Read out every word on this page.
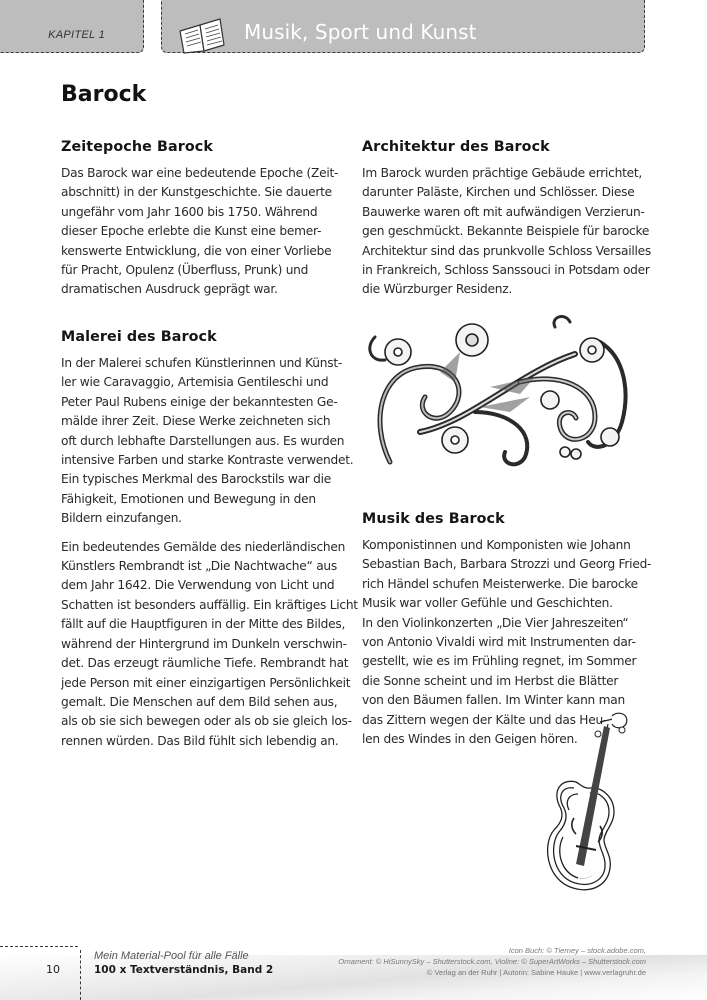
KAPITEL 1	Musik, Sport und Kunst
Barock
Zeitepoche Barock

Das Barock war eine bedeutende Epoche (Zeit-
abschnitt) in der Kunstgeschichte. Sie dauerte
ungefähr vom Jahr 1600 bis 1750. Während
dieser Epoche erlebte die Kunst eine bemer-
kenswerte Entwicklung, die von einer Vorliebe
für Pracht, Opulenz (Überfluss, Prunk) und
dramatischen Ausdruck geprägt war.

Architektur des Barock

Im Barock wurden prächtige Gebäude errichtet,
darunter Paläste, Kirchen und Schlösser. Diese
Bauwerke waren oft mit aufwändigen Verzierun-
gen geschmückt. Bekannte Beispiele für barocke
Architektur sind das prunkvolle Schloss Versailles
in Frankreich, Schloss Sanssouci in Potsdam oder
die Würzburger Residenz.

Malerei des Barock

In der Malerei schufen Künstlerinnen und Künst-
ler wie Caravaggio, Artemisia Gentileschi und
Peter Paul Rubens einige der bekanntesten Ge-
mälde ihrer Zeit. Diese Werke zeichneten sich
oft durch lebhafte Darstellungen aus. Es wurden
intensive Farben und starke Kontraste verwendet.
Ein typisches Merkmal des Barockstils war die
Fähigkeit, Emotionen und Bewegung in den
Bildern einzufangen.

Ein bedeutendes Gemälde des niederländischen
Künstlers Rembrandt ist „Die Nachtwache“ aus
dem Jahr 1642. Die Verwendung von Licht und
Schatten ist besonders auffällig. Ein kräftiges Licht
fällt auf die Hauptfiguren in der Mitte des Bildes,
während der Hintergrund im Dunkeln verschwin-
det. Das erzeugt räumliche Tiefe. Rembrandt hat
jede Person mit einer einzigartigen Persönlichkeit
gemalt. Die Menschen auf dem Bild sehen aus,
als ob sie sich bewegen oder als ob sie gleich los-
rennen würden. Das Bild fühlt sich lebendig an.

Musik des Barock

Komponistinnen und Komponisten wie Johann
Sebastian Bach, Barbara Strozzi und Georg Fried-
rich Händel schufen Meisterwerke. Die barocke
Musik war voller Gefühle und Geschichten.
In den Violinkonzerten „Die Vier Jahreszeiten“
von Antonio Vivaldi wird mit Instrumenten dar-
gestellt, wie es im Frühling regnet, im Sommer
die Sonne scheint und im Herbst die Blätter
von den Bäumen fallen. Im Winter kann man
das Zittern wegen der Kälte und das Heu-
len des Windes in den Geigen hören.

10
Mein Material-Pool für alle Fälle
100 x Textverständnis, Band 2
Icon Buch: © Tierney – stock.adobe.com,
Ornament: © HiSunnySky – Shutterstock.com, Violine: © SuperArtWorks – Shutterstock.com
© Verlag an der Ruhr | Autorin: Sabine Hauke | www.verlagruhr.de
